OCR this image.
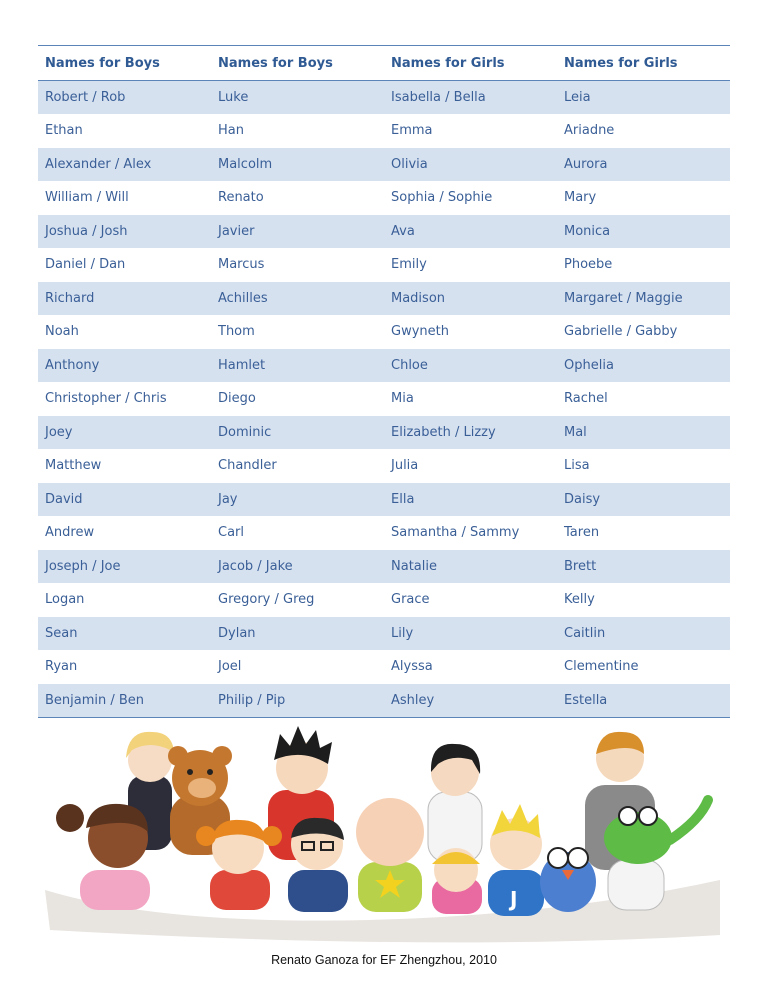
Names for Boys	Names for Boys	Names for Girls	Names for Girls
Robert / Rob	Luke	Isabella / Bella	Leia
Ethan	Han	Emma	Ariadne
Alexander / Alex	Malcolm	Olivia	Aurora
William / Will	Renato	Sophia / Sophie	Mary
Joshua / Josh	Javier	Ava	Monica
Daniel / Dan	Marcus	Emily	Phoebe
Richard	Achilles	Madison	Margaret / Maggie
Noah	Thom	Gwyneth	Gabrielle / Gabby
Anthony	Hamlet	Chloe	Ophelia
Christopher / Chris	Diego	Mia	Rachel
Joey	Dominic	Elizabeth / Lizzy	Mal
Matthew	Chandler	Julia	Lisa
David	Jay	Ella	Daisy
Andrew	Carl	Samantha / Sammy	Taren
Joseph / Joe	Jacob / Jake	Natalie	Brett
Logan	Gregory / Greg	Grace	Kelly
Sean	Dylan	Lily	Caitlin
Ryan	Joel	Alyssa	Clementine
Benjamin / Ben	Philip / Pip	Ashley	Estella
J
Renato Ganoza for EF Zhengzhou, 2010
